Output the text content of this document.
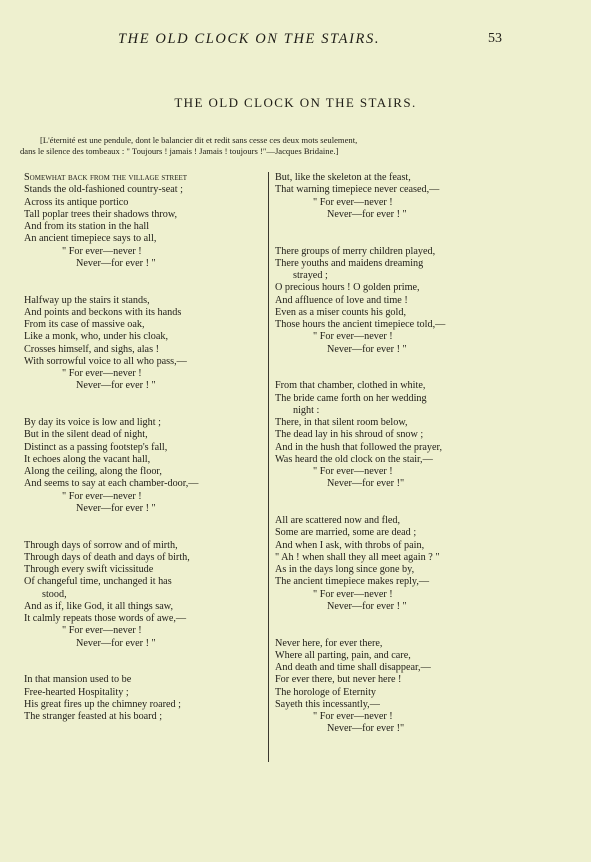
THE OLD CLOCK ON THE STAIRS.	53
THE OLD CLOCK ON THE STAIRS.
[L'éternité est une pendule, dont le balancier dit et redit sans cesse ces deux mots seulement,
dans le silence des tombeaux : " Toujours ! jamais ! Jamais ! toujours !"—Jacques Bridaine.]
Somewhat back from the village street
Stands the old-fashioned country-seat ;
Across its antique portico
Tall poplar trees their shadows throw,
And from its station in the hall
An ancient timepiece says to all,
" For ever—never !
Never—for ever ! "
Halfway up the stairs it stands,
And points and beckons with its hands
From its case of massive oak,
Like a monk, who, under his cloak,
Crosses himself, and sighs, alas !
With sorrowful voice to all who pass,—
" For ever—never !
Never—for ever ! "
By day its voice is low and light ;
But in the silent dead of night,
Distinct as a passing footstep's fall,
It echoes along the vacant hall,
Along the ceiling, along the floor,
And seems to say at each chamber-door,—
" For ever—never !
Never—for ever ! "
Through days of sorrow and of mirth,
Through days of death and days of birth,
Through every swift vicissitude
Of changeful time, unchanged it has
stood,
And as if, like God, it all things saw,
It calmly repeats those words of awe,—
" For ever—never !
Never—for ever ! "
In that mansion used to be
Free-hearted Hospitality ;
His great fires up the chimney roared ;
The stranger feasted at his board ;
But, like the skeleton at the feast,
That warning timepiece never ceased,—
" For ever—never !
Never—for ever ! "
There groups of merry children played,
There youths and maidens dreaming
strayed ;
O precious hours ! O golden prime,
And affluence of love and time !
Even as a miser counts his gold,
Those hours the ancient timepiece told,—
" For ever—never !
Never—for ever ! "
From that chamber, clothed in white,
The bride came forth on her wedding
night :
There, in that silent room below,
The dead lay in his shroud of snow ;
And in the hush that followed the prayer,
Was heard the old clock on the stair,—
" For ever—never !
Never—for ever !"
All are scattered now and fled,
Some are married, some are dead ;
And when I ask, with throbs of pain,
" Ah ! when shall they all meet again ? "
As in the days long since gone by,
The ancient timepiece makes reply,—
" For ever—never !
Never—for ever ! "
Never here, for ever there,
Where all parting, pain, and care,
And death and time shall disappear,—
For ever there, but never here !
The horologe of Eternity
Sayeth this incessantly,—
" For ever—never !
Never—for ever !"
